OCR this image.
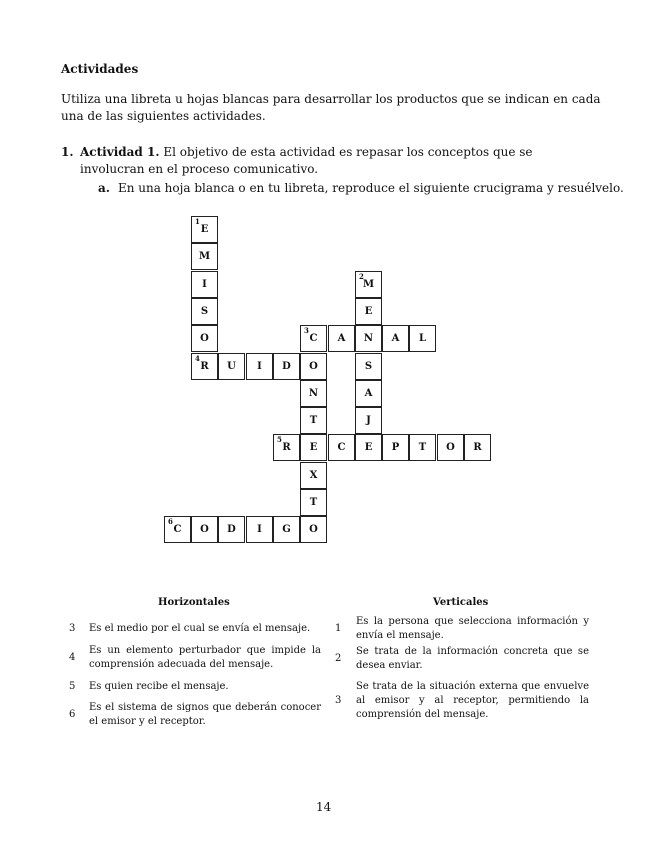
Actividades
Utiliza una libreta u hojas blancas para desarrollar los productos que se indican en cada una de las siguientes actividades.
1. Actividad 1. El objetivo de esta actividad es repasar los conceptos que se involucran en el proceso comunicativo.
a. En una hoja blanca o en tu libreta, reproduce el siguiente crucigrama y resuélvelo.
E
1
M
I
S
O
R
4
U	I	D	O
C
3
A	N	A	L
M
2
E
S
A
J
N
T
R
5
E	C	E	P	T	O	R
X
T
C
6
O	D	I	G	O
Horizontales	Verticales
3 Es el medio por el cual se envía el mensaje.
4
Es un elemento perturbador que impide la comprensión adecuada del mensaje.
5 Es quien recibe el mensaje.
6
Es el sistema de signos que deberán conocer el emisor y el receptor.
1
Es la persona que selecciona información y envía el mensaje.
2
Se trata de la información concreta que se desea enviar.
3
Se trata de la situación externa que envuelve al emisor y al receptor, permitiendo la comprensión del mensaje.
14
